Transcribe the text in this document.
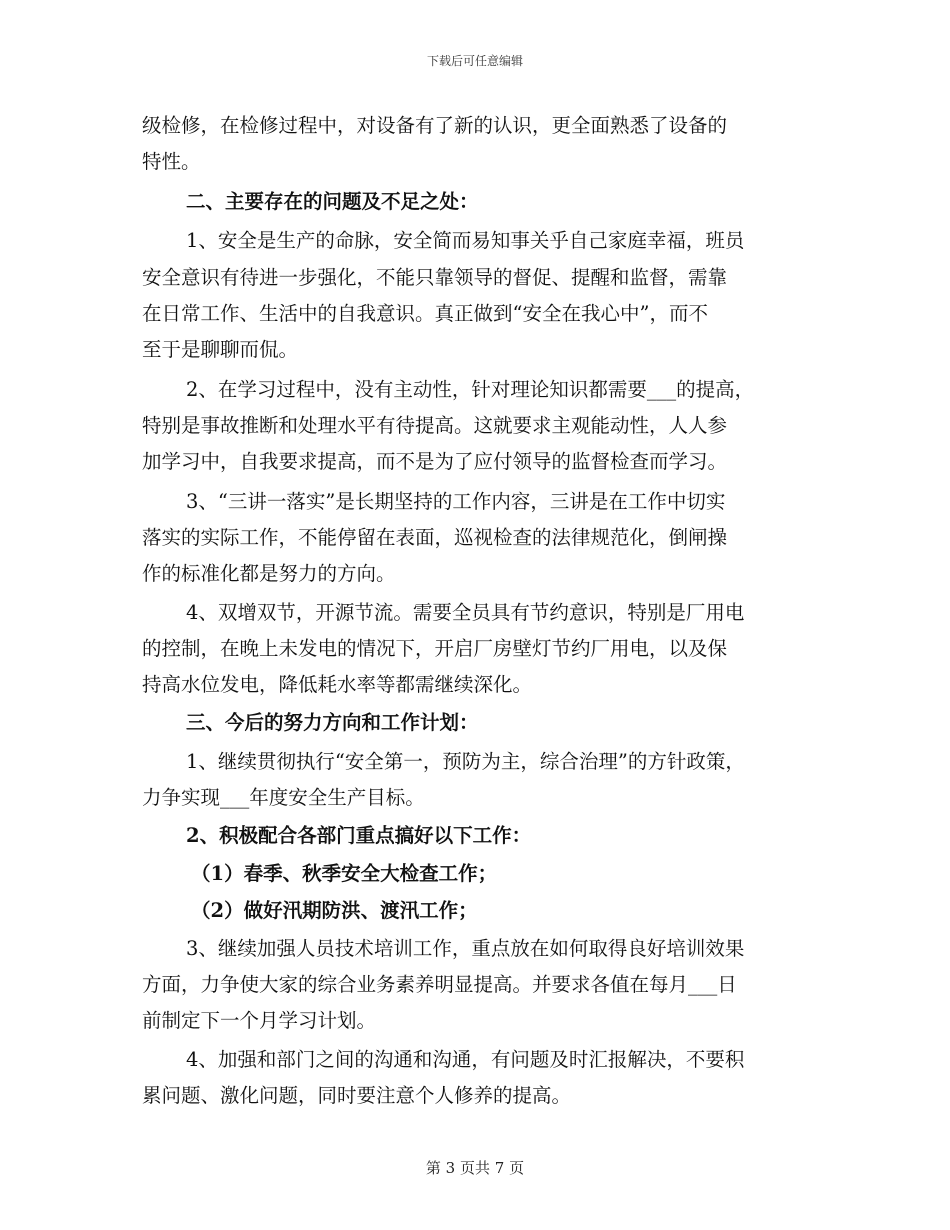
下载后可任意编辑
级检修，在检修过程中，对设备有了新的认识，更全面熟悉了设备的
特性。
二、主要存在的问题及不足之处：
1、安全是生产的命脉，安全简而易知事关乎自己家庭幸福，班员
安全意识有待进一步强化，不能只靠领导的督促、提醒和监督，需靠
在日常工作、生活中的自我意识。真正做到“安全在我心中”，而不
至于是聊聊而侃。
2、在学习过程中，没有主动性，针对理论知识都需要___的提高，
特别是事故推断和处理水平有待提高。这就要求主观能动性，人人参
加学习中，自我要求提高，而不是为了应付领导的监督检查而学习。
3、“三讲一落实”是长期坚持的工作内容，三讲是在工作中切实
落实的实际工作，不能停留在表面，巡视检查的法律规范化，倒闸操
作的标准化都是努力的方向。
4、双增双节，开源节流。需要全员具有节约意识，特别是厂用电
的控制，在晚上未发电的情况下，开启厂房壁灯节约厂用电，以及保
持高水位发电，降低耗水率等都需继续深化。
三、今后的努力方向和工作计划：
1、继续贯彻执行“安全第一，预防为主，综合治理”的方针政策，
力争实现___年度安全生产目标。
2、积极配合各部门重点搞好以下工作：
（1）春季、秋季安全大检查工作；
（2）做好汛期防洪、渡汛工作；
3、继续加强人员技术培训工作，重点放在如何取得良好培训效果
方面，力争使大家的综合业务素养明显提高。并要求各值在每月___日
前制定下一个月学习计划。
4、加强和部门之间的沟通和沟通，有问题及时汇报解决，不要积
累问题、激化问题，同时要注意个人修养的提高。
第 3 页共 7 页
